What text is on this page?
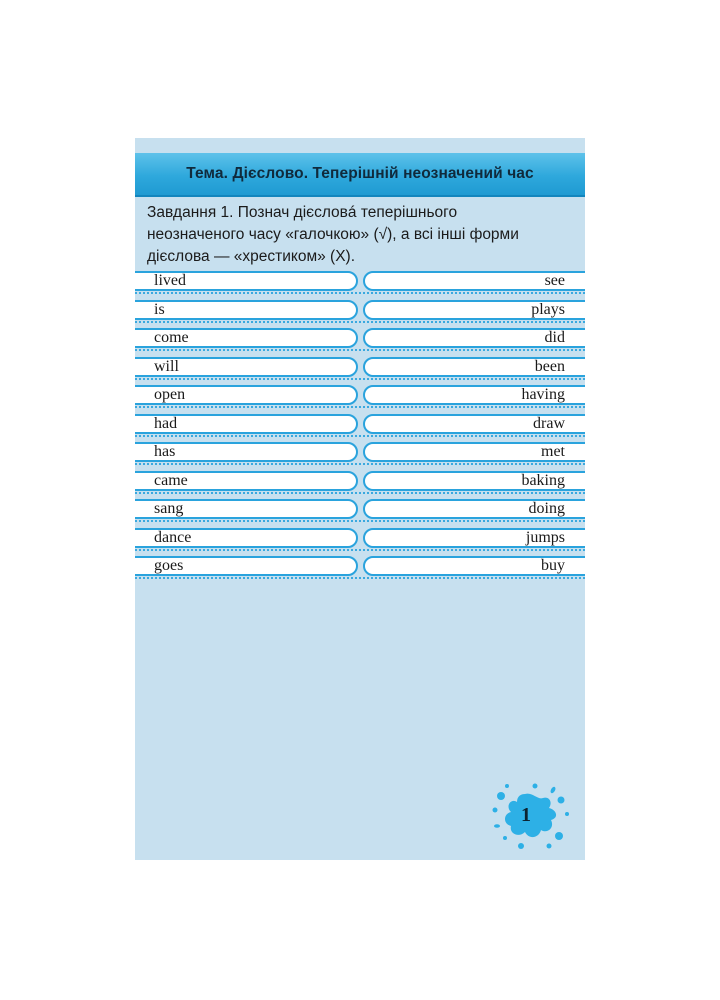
Тема. Дієслово. Теперішній неозначений час
Завдання 1. Познач дієсловá теперішнього
неозначеного часу «галочкою» (√), а всі інші форми
дієслова — «хрестиком» (Х).
lived	see
is	plays
come	did
will	been
open	having
had	draw
has	met
came	baking
sang	doing
dance	jumps
goes	buy
1
